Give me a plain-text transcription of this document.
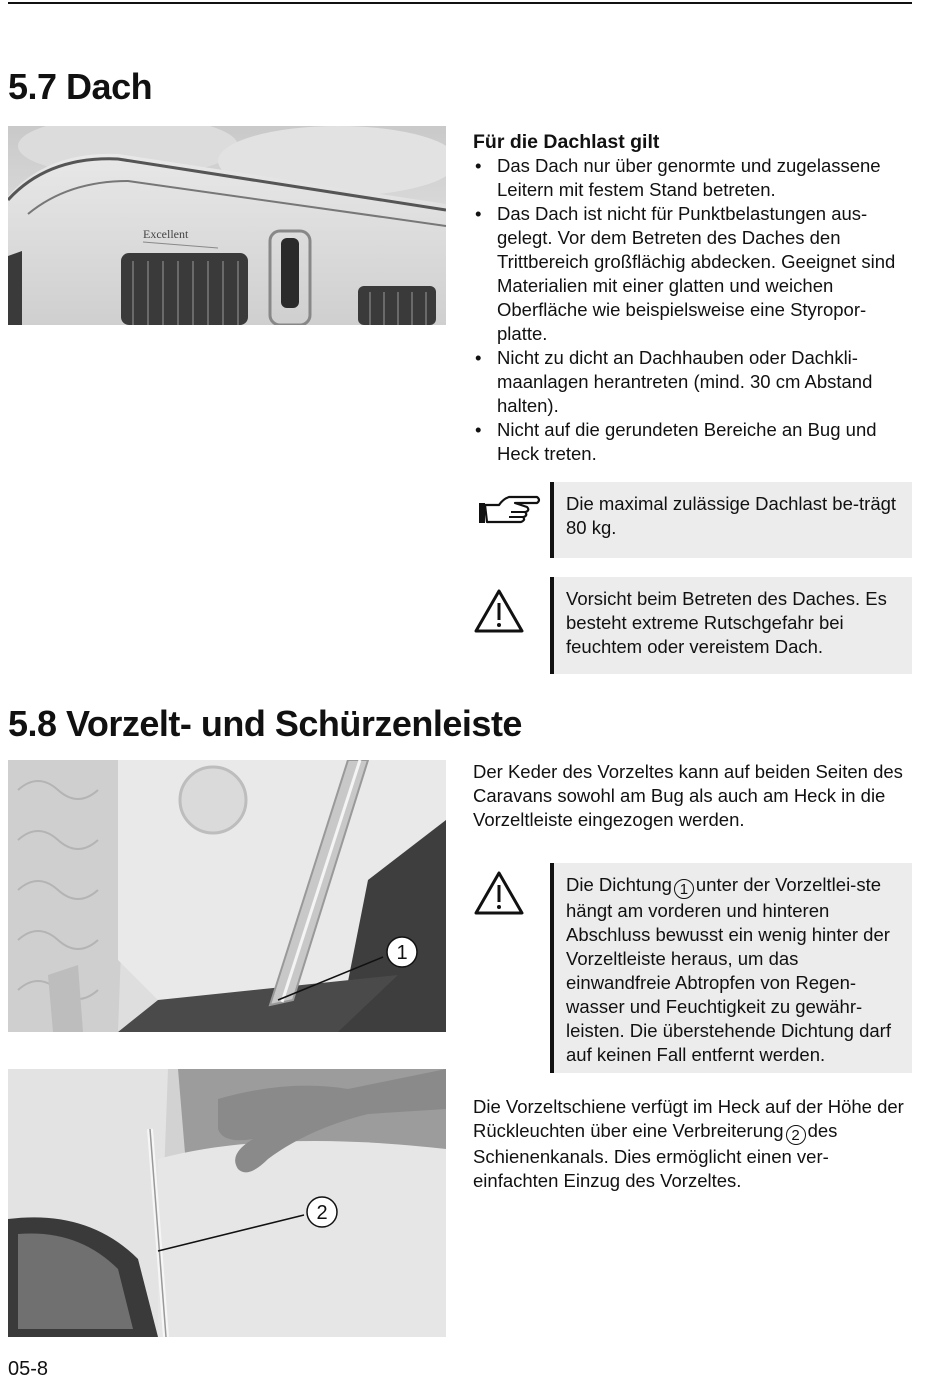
5.7 Dach
Excellent
Für die Dachlast gilt
• Das Dach nur über genormte und zugelassene Leitern mit festem Stand betreten.
• Das Dach ist nicht für Punktbelastungen aus-gelegt. Vor dem Betreten des Daches den Trittbereich großflächig abdecken. Geeignet sind Materialien mit einer glatten und weichen Oberfläche wie beispielsweise eine Styropor-platte.
• Nicht zu dicht an Dachhauben oder Dachkli-maanlagen herantreten (mind. 30 cm Abstand halten).
• Nicht auf die gerundeten Bereiche an Bug und Heck treten.
Die maximal zulässige Dachlast be-trägt 80 kg.
Vorsicht beim Betreten des Daches. Es besteht extreme Rutschgefahr bei feuchtem oder vereistem Dach.
5.8 Vorzelt- und Schürzenleiste
1
Der Keder des Vorzeltes kann auf beiden Seiten des Caravans sowohl am Bug als auch am Heck in die Vorzeltleiste eingezogen werden.
Die Dichtung 1 unter der Vorzeltlei-ste hängt am vorderen und hinteren Abschluss bewusst ein wenig hinter der Vorzeltleiste heraus, um das einwandfreie Abtropfen von Regen-wasser und Feuchtigkeit zu gewähr-leisten. Die überstehende Dichtung darf auf keinen Fall entfernt werden.
2
Die Vorzeltschiene verfügt im Heck auf der Höhe der Rückleuchten über eine Verbreiterung 2 des Schienenkanals. Dies ermöglicht einen ver-einfachten Einzug des Vorzeltes.
05-8
